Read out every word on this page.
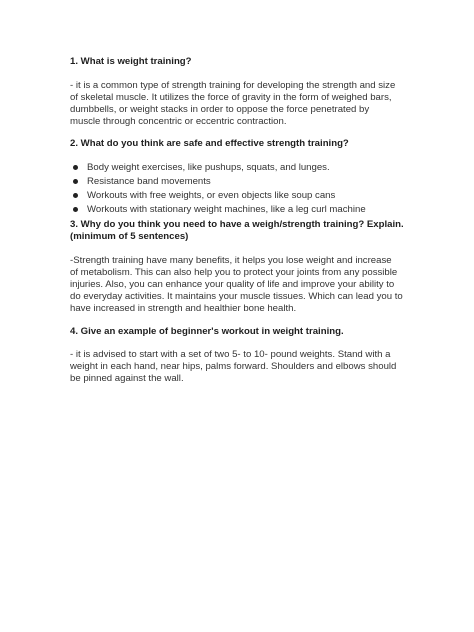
1. What is weight training?

- it is a common type of strength training for developing the strength and size
of skeletal muscle. It utilizes the force of gravity in the form of weighed bars,
dumbbells, or weight stacks in order to oppose the force penetrated by
muscle through concentric or eccentric contraction.

2. What do you think are safe and effective strength training?

Body weight exercises, like pushups, squats, and lunges.
Resistance band movements
Workouts with free weights, or even objects like soup cans
Workouts with stationary weight machines, like a leg curl machine

3. Why do you think you need to have a weigh/strength training? Explain.
(minimum of 5 sentences)

-Strength training have many benefits, it helps you lose weight and increase
of metabolism. This can also help you to protect your joints from any possible
injuries. Also, you can enhance your quality of life and improve your ability to
do everyday activities. It maintains your muscle tissues. Which can lead you to
have increased in strength and healthier bone health.

4. Give an example of beginner's workout in weight training.

- it is advised to start with a set of two 5- to 10- pound weights. Stand with a
weight in each hand, near hips, palms forward. Shoulders and elbows should
be pinned against the wall.
